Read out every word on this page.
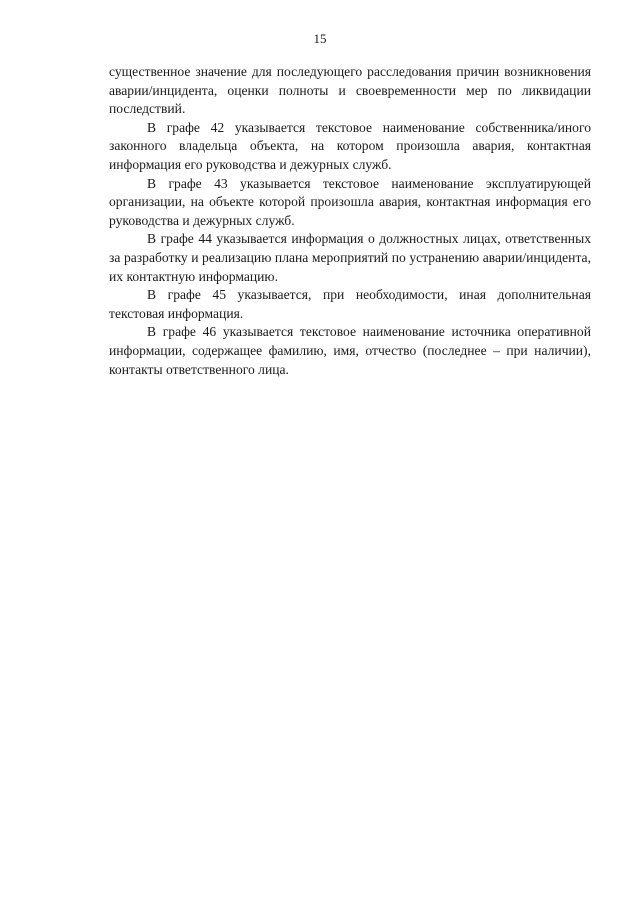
15

существенное значение для последующего расследования причин возникновения аварии/инцидента, оценки полноты и своевременности мер по ликвидации последствий.

В графе 42 указывается текстовое наименование собственника/иного законного владельца объекта, на котором произошла авария, контактная информация его руководства и дежурных служб.

В графе 43 указывается текстовое наименование эксплуатирующей организации, на объекте которой произошла авария, контактная информация его руководства и дежурных служб.

В графе 44 указывается информация о должностных лицах, ответственных за разработку и реализацию плана мероприятий по устранению аварии/инцидента, их контактную информацию.

В графе 45 указывается, при необходимости, иная дополнительная текстовая информация.

В графе 46 указывается текстовое наименование источника оперативной информации, содержащее фамилию, имя, отчество (последнее – при наличии), контакты ответственного лица.
